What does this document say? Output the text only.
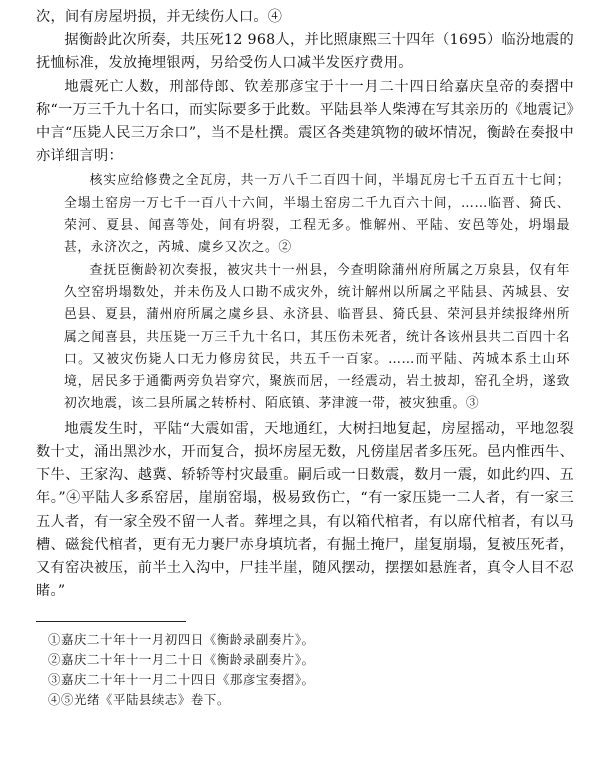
次，间有房屋坍损，并无续伤人口。④

据衡龄此次所奏，共压死12 968人，并比照康熙三十四年（1695）临汾地震的抚恤标准，发放掩埋银两，另给受伤人口减半发医疗费用。

地震死亡人数，刑部侍郎、钦差那彦宝于十一月二十四日给嘉庆皇帝的奏摺中称“一万三千九十名口，而实际要多于此数。平陆县举人柴溥在写其亲历的《地震记》中言“压毙人民三万余口”，当不是杜撰。震区各类建筑物的破坏情况，衡龄在奏报中亦详细言明：

核实应给修费之全瓦房，共一万八千二百四十间，半塌瓦房七千五百五十七间；全塌土窑房一万七千一百八十六间，半塌土窑房二千九百六十间，……临晋、猗氏、荣河、夏县、闻喜等处，间有坍裂，工程无多。惟解州、平陆、安邑等处，坍塌最甚，永济次之，芮城、虞乡又次之。②

查抚臣衡龄初次奏报，被灾共十一州县，今查明除蒲州府所属之万泉县，仅有年久空窑坍塌数处，并未伤及人口勘不成灾外，统计解州以所属之平陆县、芮城县、安邑县、夏县，蒲州府所属之虞乡县、永济县、临晋县、猗氏县、荣河县并续报绛州所属之闻喜县，共压毙一万三千九十名口，其压伤未死者，统计各该州县共二百四十名口。又被灾伤毙人口无力修房贫民，共五千一百家。……而平陆、芮城本系土山环境，居民多于通衢两旁负岩穿穴，聚族而居，一经震动，岩土披却，窑孔全坍，遂致初次地震，该二县所属之转桥村、陌底镇、茅津渡一带，被灾独重。③

地震发生时，平陆“大震如雷，天地通红，大树扫地复起，房屋摇动，平地忽裂数十丈，涌出黑沙水，开而复合，损坏房屋无数，凡傍崖居者多压死。邑内惟西牛、下牛、王家沟、越冀、轿轿等村灾最重。嗣后或一日数震，数月一震，如此约四、五年。”④平陆人多系窑居，崖崩窑塌，极易致伤亡，“有一家压毙一二人者，有一家三五人者，有一家全殁不留一人者。葬埋之具，有以箱代棺者，有以席代棺者，有以马槽、磁瓮代棺者，更有无力裹尸赤身填坑者，有掘土掩尸，崖复崩塌，复被压死者，又有窑决被压，前半土入沟中，尸挂半崖，随风摆动，摆摆如悬旌者，真令人目不忍睹。”

①嘉庆二十年十一月初四日《衡龄录副奏片》。

②嘉庆二十年十一月二十日《衡龄录副奏片》。

③嘉庆二十年十一月二十四日《那彦宝奏摺》。

④⑤光绪《平陆县续志》卷下。
